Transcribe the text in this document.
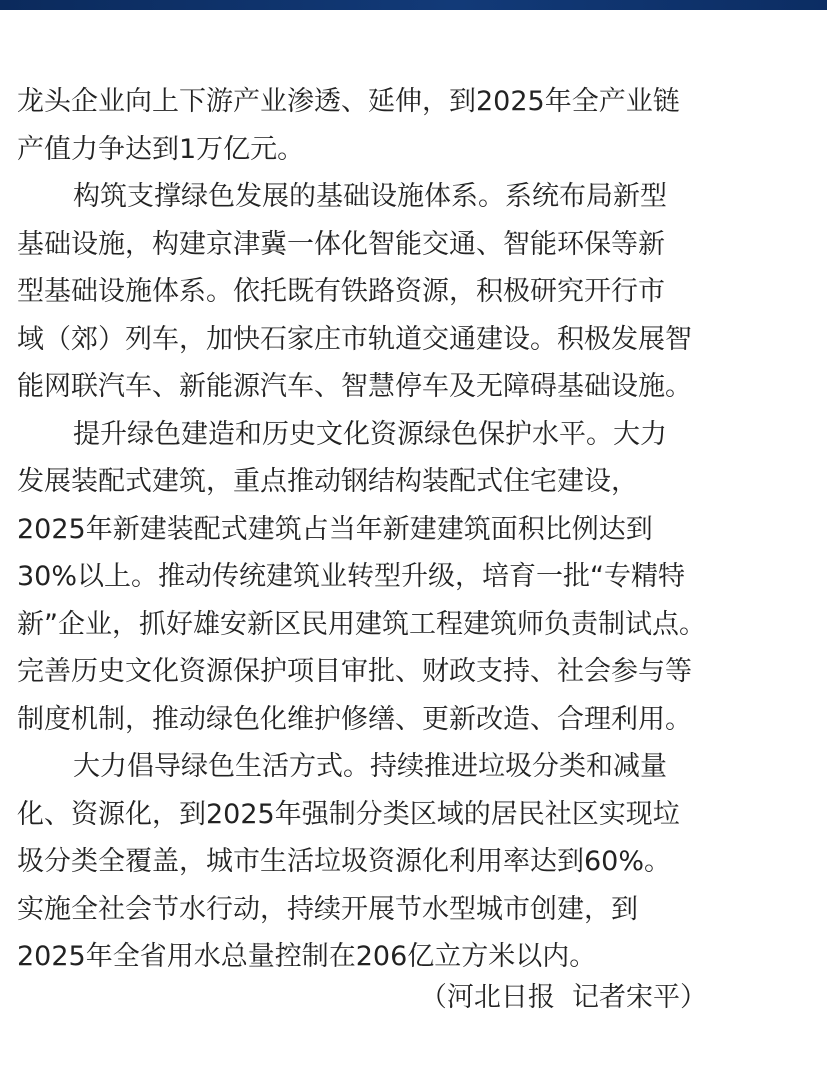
龙头企业向上下游产业渗透、延伸，到2025年全产业链
产值力争达到1万亿元。
构筑支撑绿色发展的基础设施体系。系统布局新型
基础设施，构建京津冀一体化智能交通、智能环保等新
型基础设施体系。依托既有铁路资源，积极研究开行市
域（郊）列车，加快石家庄市轨道交通建设。积极发展智
能网联汽车、新能源汽车、智慧停车及无障碍基础设施。
提升绿色建造和历史文化资源绿色保护水平。大力
发展装配式建筑，重点推动钢结构装配式住宅建设，
2025年新建装配式建筑占当年新建建筑面积比例达到
30%以上。推动传统建筑业转型升级，培育一批“专精特
新”企业，抓好雄安新区民用建筑工程建筑师负责制试点。
完善历史文化资源保护项目审批、财政支持、社会参与等
制度机制，推动绿色化维护修缮、更新改造、合理利用。
大力倡导绿色生活方式。持续推进垃圾分类和减量
化、资源化，到2025年强制分类区域的居民社区实现垃
圾分类全覆盖，城市生活垃圾资源化利用率达到60%。
实施全社会节水行动，持续开展节水型城市创建，到
2025年全省用水总量控制在206亿立方米以内。
（河北日报  记者宋平）
